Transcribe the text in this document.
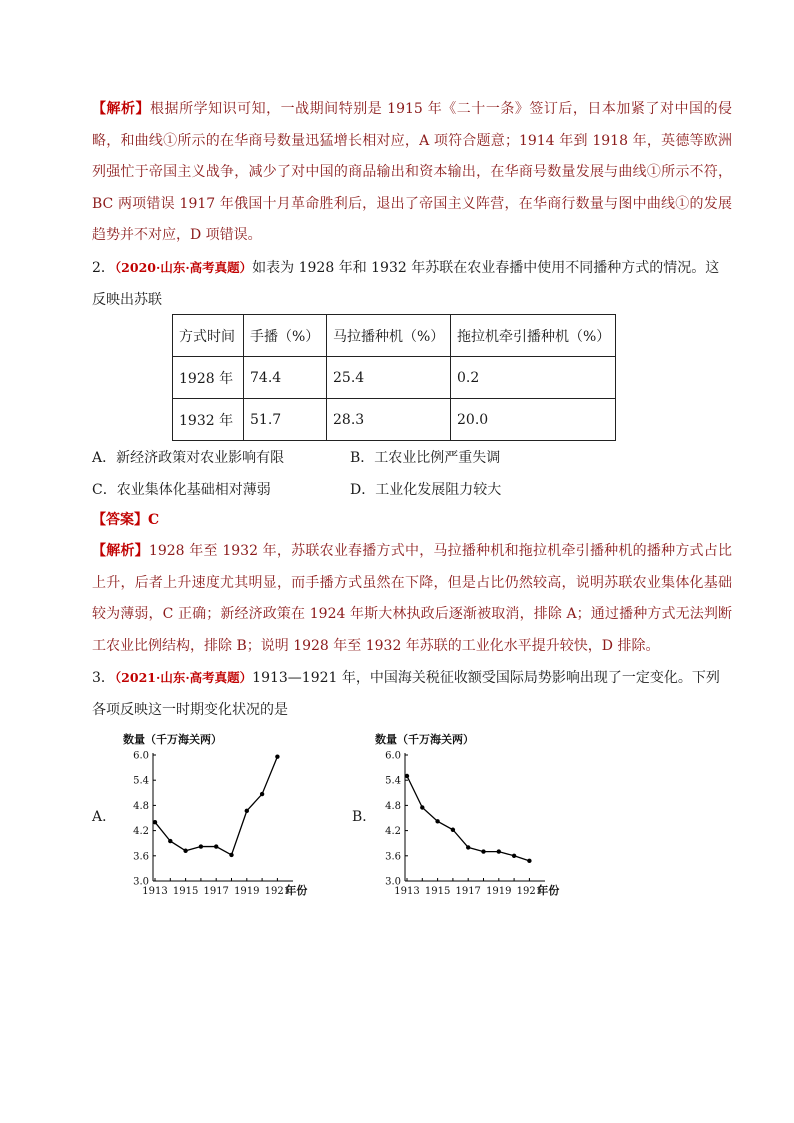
【解析】根据所学知识可知，一战期间特别是 1915 年《二十一条》签订后，日本加紧了对中国的侵略，和曲线①所示的在华商号数量迅猛增长相对应，A 项符合题意；1914 年到 1918 年，英德等欧洲列强忙于帝国主义战争，减少了对中国的商品输出和资本输出，在华商号数量发展与曲线①所示不符，BC 两项错误 1917 年俄国十月革命胜利后，退出了帝国主义阵营，在华商行数量与图中曲线①的发展趋势并不对应，D 项错误。
2．（2020·山东·高考真题）如表为 1928 年和 1932 年苏联在农业春播中使用不同播种方式的情况。这反映出苏联
方式时间	手播（%）	马拉播种机（%）	拖拉机牵引播种机（%）
1928 年	74.4	25.4	0.2
1932 年	51.7	28.3	20.0
A．新经济政策对农业影响有限	B．工农业比例严重失调
C．农业集体化基础相对薄弱	D．工业化发展阻力较大
【答案】C
【解析】1928 年至 1932 年，苏联农业春播方式中，马拉播种机和拖拉机牵引播种机的播种方式占比上升，后者上升速度尤其明显，而手播方式虽然在下降，但是占比仍然较高，说明苏联农业集体化基础较为薄弱，C 正确；新经济政策在 1924 年斯大林执政后逐渐被取消，排除 A；通过播种方式无法判断工农业比例结构，排除 B；说明 1928 年至 1932 年苏联的工业化水平提升较快，D 排除。
3．（2021·山东·高考真题）1913—1921 年，中国海关税征收额受国际局势影响出现了一定变化。下列各项反映这一时期变化状况的是
A．	B．
3.0
3.6
4.2
4.8
5.4
6.0
1913 1915 1917 1919 1921
数量（千万海关两）
年份
3.0
3.6
4.2
4.8
5.4
6.0
1913 1915 1917 1919 1921
数量（千万海关两）
年份
